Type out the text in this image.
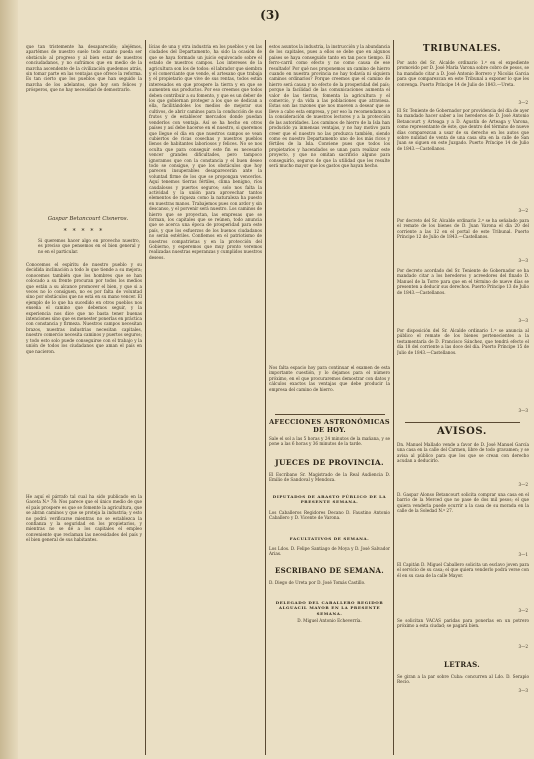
(3)
que tan tristemente ha desaparecido; alejémos, apartémos de nuestro suelo todo cuanto pueda ser obstáculo al progreso y al bien estar de nuestros conciudadanos, y no sufrámos que en medio de la marcha ascendente de la civilización quedemos atrás, sin tomar parte en las ventajas que ofrece la reforma. Es tan cierto que los pueblos que han seguido la marcha de los adelantos, que hoy son felices y prósperos, que no hay necesidad de demostrarlo.
Gaspar Betancourt Cisneros.
* * * * *
Si queremos hacer algo en provecho nuestro, es preciso que pensemos en el bien general y no en el particular.
Conocemos el espíritu de nuestro pueblo y su decidida inclinación a todo lo que tiende a su mejora; conocemos también que los hombres que se han colocado a su frente procuran por todos los medios que están a su alcance promover el bien, y que si a veces no lo consiguen, no es por falta de voluntad sino por obstáculos que no está en su mano vencer. El ejemplo de lo que ha sucedido en otros pueblos nos enseña el camino que debemos seguir, y la experiencia nos dice que no basta tener buenas intenciones sino que es menester ponerlas en práctica con constancia y firmeza. Nuestros campos necesitan brazos, nuestras industrias necesitan capitales, nuestro comercio necesita caminos y puertos seguros; y todo esto solo puede conseguirse con el trabajo y la unión de todos los ciudadanos que aman el país en que nacieron.
He aquí el párrafo tal cual ha sido publicado en la Gaceta N.º 78: Nos parece que el único medio de que el país prospere es que se fomente la agricultura, que se abran caminos y que se proteja la industria; y esto no podrá verificarse mientras no se establezca la confianza y la seguridad en los propietarios, y mientras no se dé a los capitales el empleo conveniente que reclaman las necesidades del país y el bien general de sus habitantes.
lícias de una y otra industria en los pueblos y en las ciudades del Departamento, ha sido la ocasión de que se haya formado un juicio equivocado sobre el estado de nuestros campos. Los intereses de la agricultura son los de todos: el labrador que siembra y el comerciante que vende, el artesano que trabaja y el propietario que vive de sus rentas, todos están interesados en que prospere la tierra y en que se aumenten sus productos. Por eso creemos que todos deben contribuir a su fomento, y que es un deber de los que gobiernan proteger a los que se dedican a ella, facilitándoles los medios de mejorar sus cultivos, de abrir caminos para la conducción de sus frutos y de establecer mercados donde puedan venderlos con ventaja. Así se ha hecho en otros países y así debe hacerse en el nuestro, si queremos que llegue el día en que nuestros campos se vean cubiertos de ricas cosechas y nuestros pueblos llenos de habitantes laboriosos y felices. No se nos oculta que para conseguir este fin es necesario vencer grandes dificultades, pero tampoco ignoramos que con la constancia y el buen deseo todo se consigue, y que los obstáculos que hoy parecen insuperables desaparecerán ante la voluntad firme de los que se propongan vencerlos. Aquí tenemos tierras fértiles, clima benigno, ríos caudalosos y puertos seguros; solo nos falta la actividad y la unión para aprovechar tantos elementos de riqueza como la naturaleza ha puesto en nuestras manos. Trabajemos pues con ardor y sin descanso, y el porvenir será nuestro. Los caminos de hierro que se proyectan, las empresas que se forman, los capitales que se reúnen, todo anuncia que se acerca una época de prosperidad para este país, y que los esfuerzos de los buenos ciudadanos no serán estériles. Confiemos en el patriotismo de nuestros compatriotas y en la protección del Gobierno, y esperemos que muy pronto veremos realizadas nuestras esperanzas y cumplidos nuestros deseos.
estos asuntos la industria, la instrucción y la abundancia de los capitales, pues a ellos se debe que en algunos países se haya conseguido tanto en tan poco tiempo. El ferro-carril como efecto y no como causa de ese resultado! Por qué nos proponemos un camino de hierro cuando en nuestra provincia no hay todavía ni siquiera caminos ordinarios? Porque creemos que el camino de hierro será causa y no efecto de la prosperidad del país; porque la facilidad de las comunicaciones aumenta el valor de las tierras, fomenta la agricultura y el comercio, y da vida a las poblaciones que atraviesa. Estas son las razones que nos mueven a desear que se lleve a cabo esta empresa, y por eso la recomendamos a la consideración de nuestros lectores y a la protección de las autoridades. Los caminos de hierro de la Isla han producido ya inmensas ventajas, y no hay motivo para creer que el nuestro no las produzca también, siendo como es nuestro Departamento uno de los más ricos y fértiles de la Isla. Conviene pues que todos los propietarios y hacendados se unan para realizar este proyecto, y que no omitan sacrificio alguno para conseguirlo, seguros de que la utilidad que les resulte será mucho mayor que los gastos que hayan hecho.
Nos falta espacio hoy para continuar el examen de esta importante cuestión, y lo dejamos para el número próximo, en el que procuraremos demostrar con datos y cálculos exactos las ventajas que debe producir la empresa del camino de hierro.
AFECCIONES ASTRONÓMICAS DE HOY.
Sale el sol a las 5 horas y 24 minutos de la mañana, y se pone a las 6 horas y 36 minutos de la tarde.
JUECES DE PROVINCIA.
El Escribano Sr. Magistrado de la Real Audiencia D. Emilio de Sandoval y Mendoza.
DIPUTADOS DE ABASTO PÚBLICO DE LA PRESENTE SEMANA.
Los Caballeros Regidores Decano D. Faustino Antonio Caballero y D. Vicente de Varona.
FACULTATIVOS DE SEMANA.
Los Ldos. D. Felipe Santiago de Moya y D. José Salvador Arias.
ESCRIBANO DE SEMANA.
D. Diego de Ureta por D. José Tomás Castillo.
DELEGADO DEL CABALLERO REGIDOR ALGUACIL MAYOR EN LA PRESENTE SEMANA.
D. Miguel Antonio Echeverría.
TRIBUNALES.
Por auto del Sr. Alcalde ordinario 1.º en el expediente promovido por D. José María Varona sobre cobro de pesos, se ha mandado citar a D. José Antonio Borrero y Nicolás Garcia para que comparezcan en este Tribunal a exponer lo que les convenga. Puerto Príncipe 14 de Julio de 1843.—Ureta.
3—2
El Sr. Teniente de Gobernador por providencia del día de ayer ha mandado hacer saber a los herederos de D. José Antonio Betancourt y Arteaga y a D. Agustín de Arteaga y Varona, como representante de éste, que dentro del término de nueve días comparezcan a usar de su derecho en los autos que sobre nulidad de venta de una casa sita en la calle de San Juan se siguen en este Juzgado. Puerto Príncipe 14 de Julio de 1843.—Castellanos.
3—2
Por decreto del Sr. Alcalde ordinario 2.º se ha señalado para el remate de los bienes de D. Juan Varona el día 20 del corriente a las 12 en el portal de este Tribunal. Puerto Príncipe 12 de Julio de 1843.—Castellanos.
3—3
Por decreto acordado del Sr. Teniente de Gobernador se ha mandado citar a los herederos y acreedores del finado D. Manuel de la Torre para que en el término de nueve días se presenten a deducir sus derechos. Puerto Príncipe 13 de Julio de 1843.—Castellanos.
3—3
Por disposición del Sr. Alcalde ordinario 1.º se anuncia al público el remate de los bienes pertenecientes a la testamentaría de D. Francisco Sánchez, que tendrá efecto el día 18 del corriente a las doce del día. Puerto Príncipe 15 de Julio de 1843.—Castellanos.
3—3
AVISOS.
Dn. Manuel Mallado vende a favor de D. José Manuel García una casa en la calle del Carmen, libre de todo gravamen; y se avisa al público para que los que se crean con derecho acudan a deducirlo.
3—2
D. Gaspar Alonso Betancourt solicita comprar una casa en el barrio de la Merced que no pase de dos mil pesos; el que quiera venderla puede ocurrir a la casa de su morada en la calle de la Soledad N.º 27.
3—1
El Capitán D. Miguel Caballero solicita un esclavo joven para el servicio de su casa; el que quiera venderlo podrá verse con él en su casa de la calle Mayor.
3—2
Se solicitan VACAS paridas para ponerlas en un potrero próximo a esta ciudad; se pagará bien.
3—2
LETRAS.
Se giran a la par sobre Cuba: concurren al Ldo. D. Serapio Recio.
3—3
